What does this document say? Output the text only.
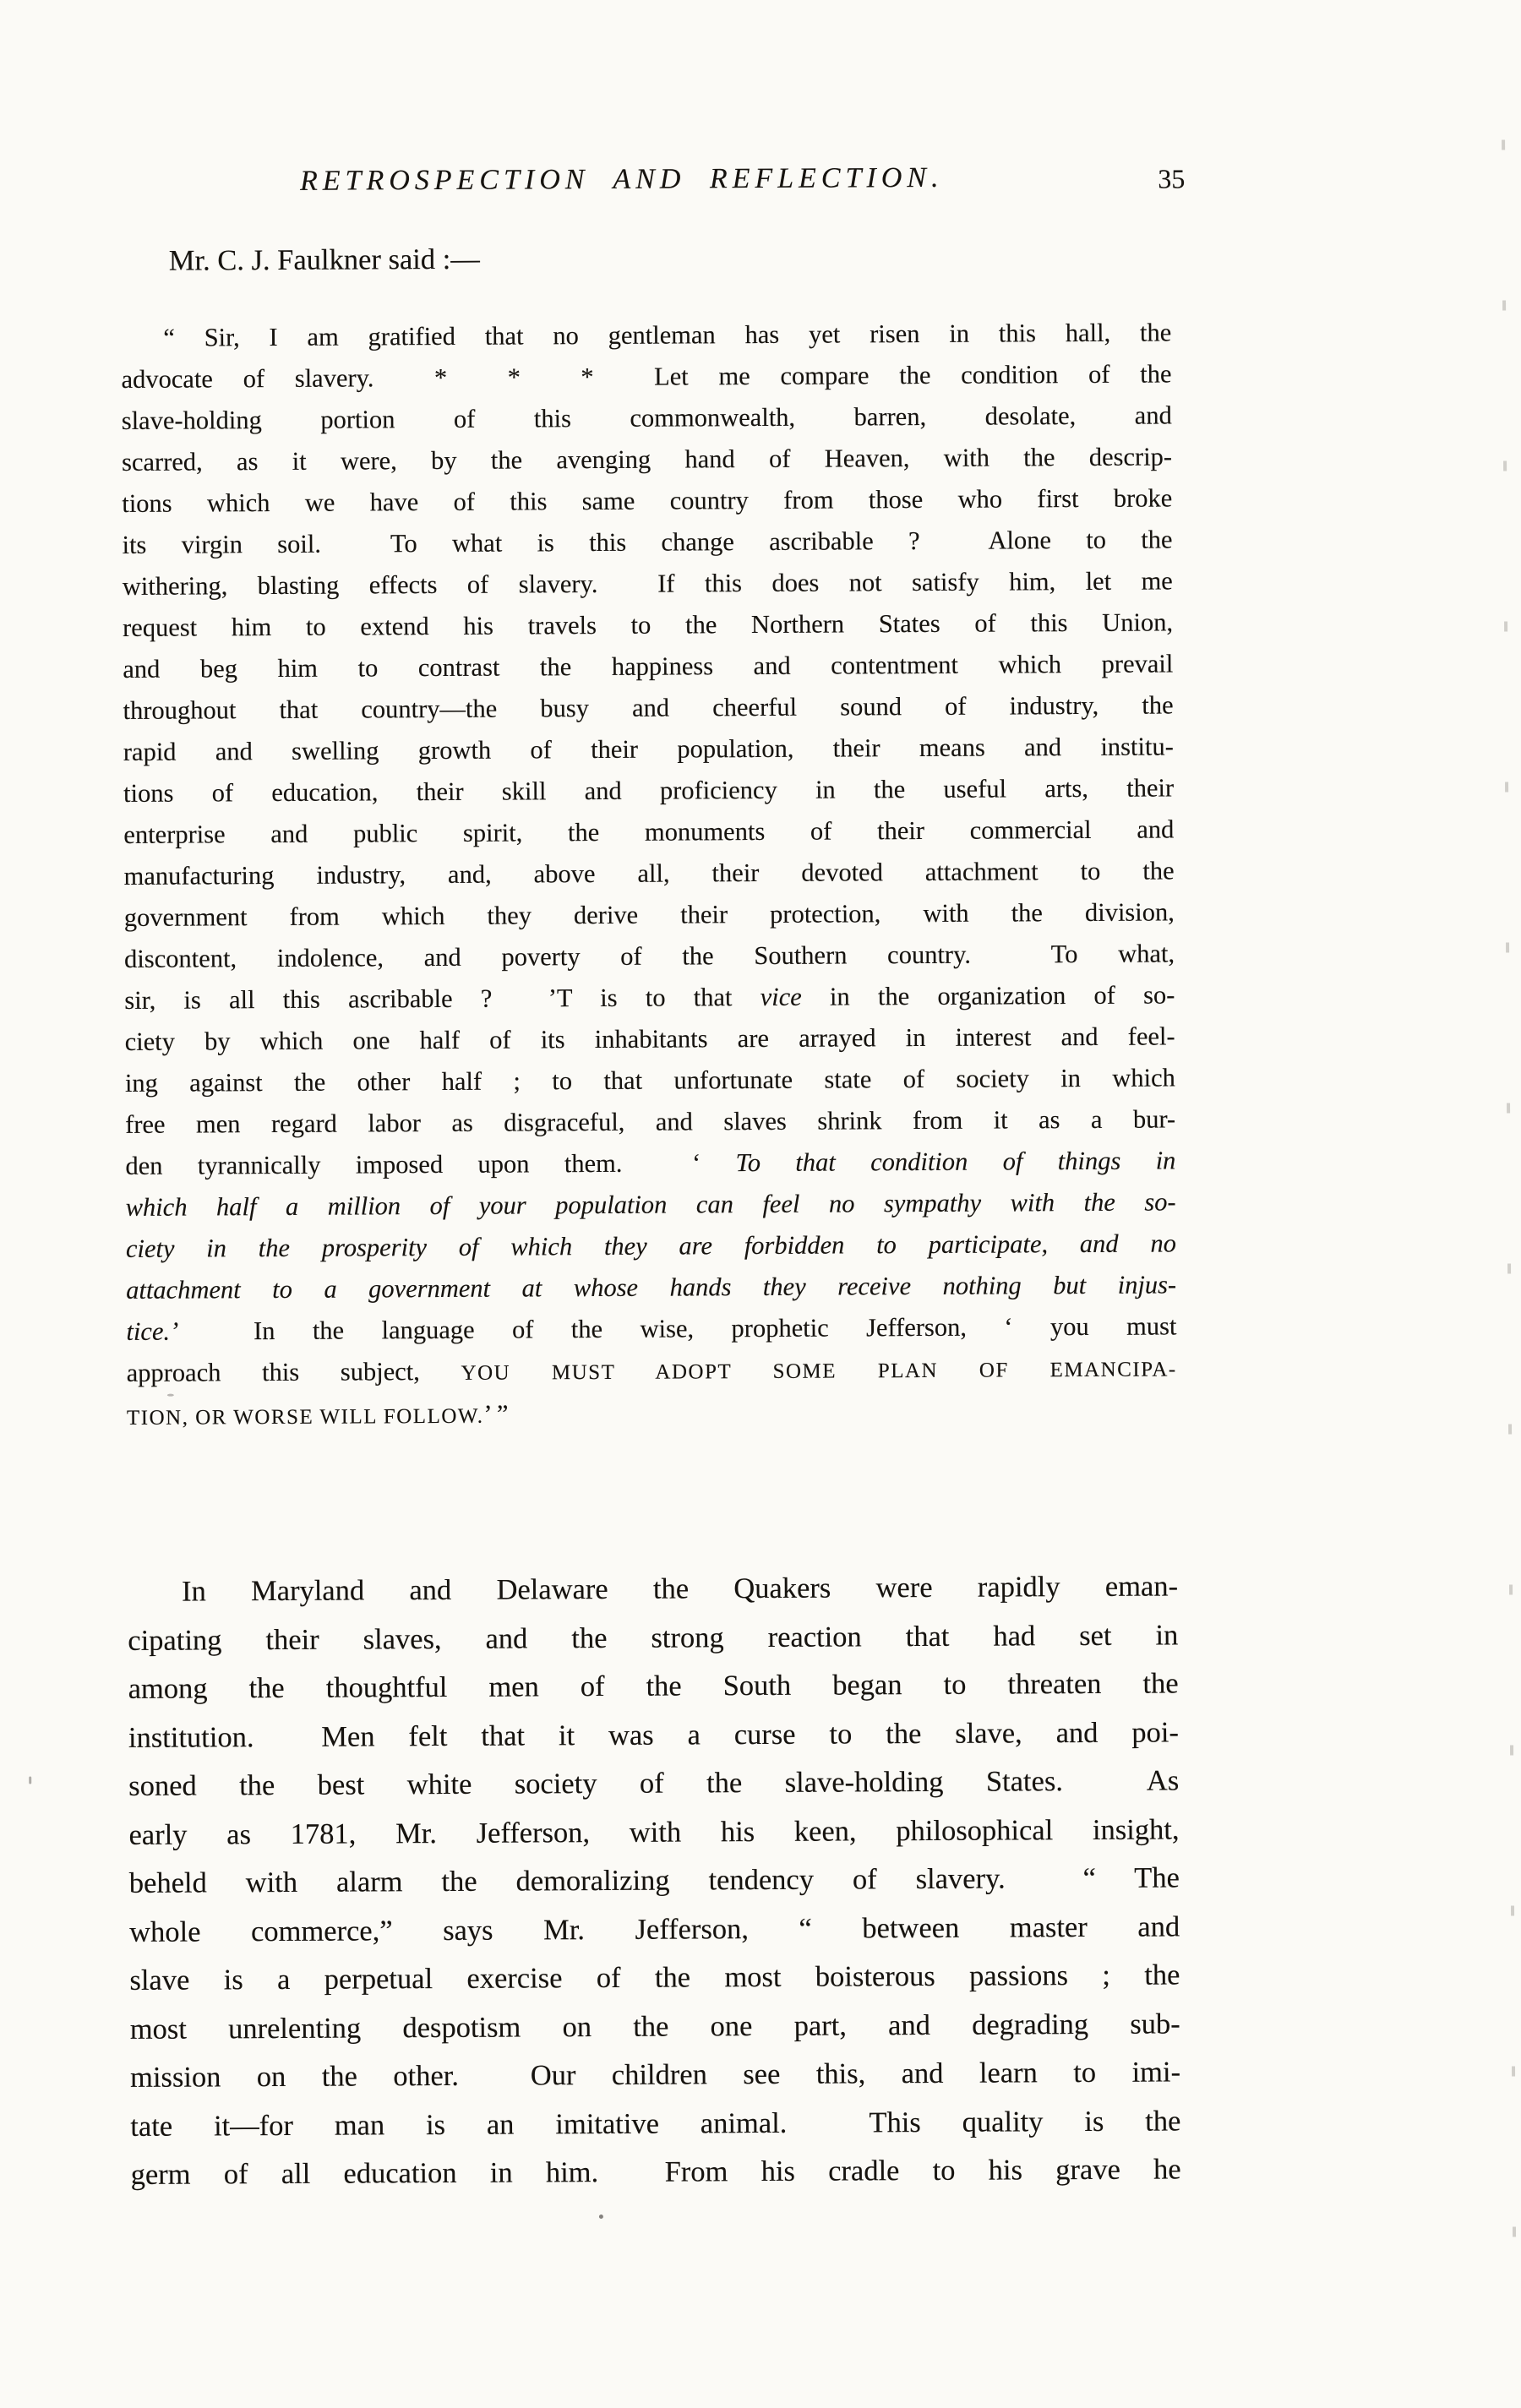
RETROSPECTION AND REFLECTION.	35
Mr. C. J. Faulkner said :—
“ Sir, I am gratified that no gentleman has yet risen in this hall, the
advocate of slavery.  *  *  *  Let me compare the condition of the
slave-holding portion of this commonwealth, barren, desolate, and
scarred, as it were, by the avenging hand of Heaven, with the descrip-
tions which we have of this same country from those who first broke
its virgin soil.  To what is this change ascribable ?  Alone to the
withering, blasting effects of slavery.  If this does not satisfy him, let me
request him to extend his travels to the Northern States of this Union,
and beg him to contrast the happiness and contentment which prevail
throughout that country—the busy and cheerful sound of industry, the
rapid and swelling growth of their population, their means and institu-
tions of education, their skill and proficiency in the useful arts, their
enterprise and public spirit, the monuments of their commercial and
manufacturing industry, and, above all, their devoted attachment to the
government from which they derive their protection, with the division,
discontent, indolence, and poverty of the Southern country.  To what,
sir, is all this ascribable ?  ’T is to that vice in the organization of so-
ciety by which one half of its inhabitants are arrayed in interest and feel-
ing against the other half ; to that unfortunate state of society in which
free men regard labor as disgraceful, and slaves shrink from it as a bur-
den tyrannically imposed upon them.  ‘ To that condition of things in
which half a million of your population can feel no sympathy with the so-
ciety in the prosperity of which they are forbidden to participate, and no
attachment to a government at whose hands they receive nothing but injus-
tice.’  In the language of the wise, prophetic Jefferson, ‘ you must
approach this subject, YOU MUST ADOPT SOME PLAN OF EMANCIPA-
TION, OR WORSE WILL FOLLOW.’ ”
In Maryland and Delaware the Quakers were rapidly eman-
cipating their slaves, and the strong reaction that had set in
among the thoughtful men of the South began to threaten the
institution.  Men felt that it was a curse to the slave, and poi-
soned the best white society of the slave-holding States.  As
early as 1781, Mr. Jefferson, with his keen, philosophical insight,
beheld with alarm the demoralizing tendency of slavery.  “ The
whole commerce,” says Mr. Jefferson, “ between master and
slave is a perpetual exercise of the most boisterous passions ; the
most unrelenting despotism on the one part, and degrading sub-
mission on the other.  Our children see this, and learn to imi-
tate it—for man is an imitative animal.  This quality is the
germ of all education in him.  From his cradle to his grave he
